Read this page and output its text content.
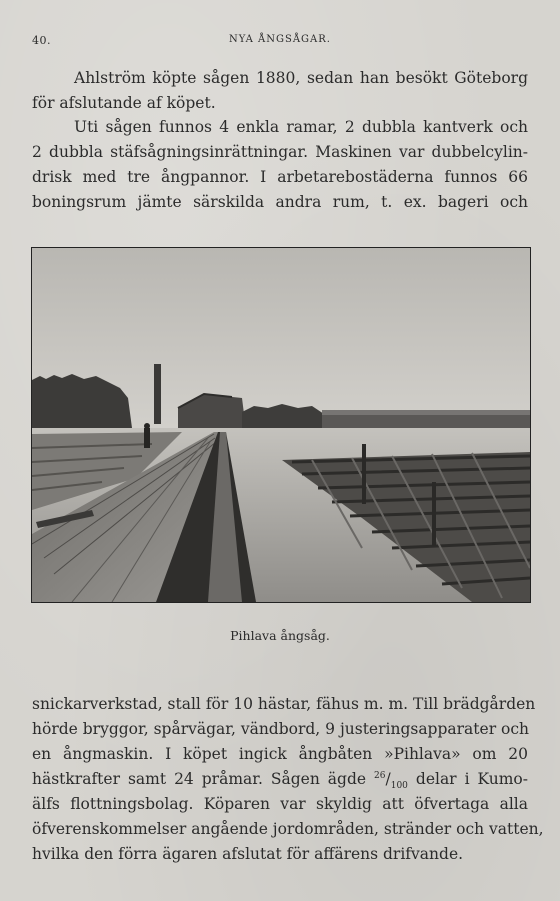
40.	NYA ÅNGSÅGAR.
Ahlström köpte sågen 1880, sedan han besökt Göteborg
för afslutande af köpet.
Uti sågen funnos 4 enkla ramar, 2 dubbla kantverk och
2 dubbla stäfsågningsinrättningar. Maskinen var dubbelcylin-
drisk med tre ångpannor. I arbetarebostäderna funnos 66
boningsrum jämte särskilda andra rum, t. ex. bageri och
Pihlava ångsåg.
snickarverkstad, stall för 10 hästar, fähus m. m. Till brädgården
hörde bryggor, spårvägar, vändbord, 9 justeringsapparater och
en ångmaskin. I köpet ingick ångbåten »Pihlava» om 20
hästkrafter samt 24 pråmar. Sågen ägde $^{26}/_{100}$ delar i Kumo-
älfs flottningsbolag. Köparen var skyldig att öfvertaga alla
öfverenskommelser angående jordområden, stränder och vatten,
hvilka den förra ägaren afslutat för affärens drifvande.
